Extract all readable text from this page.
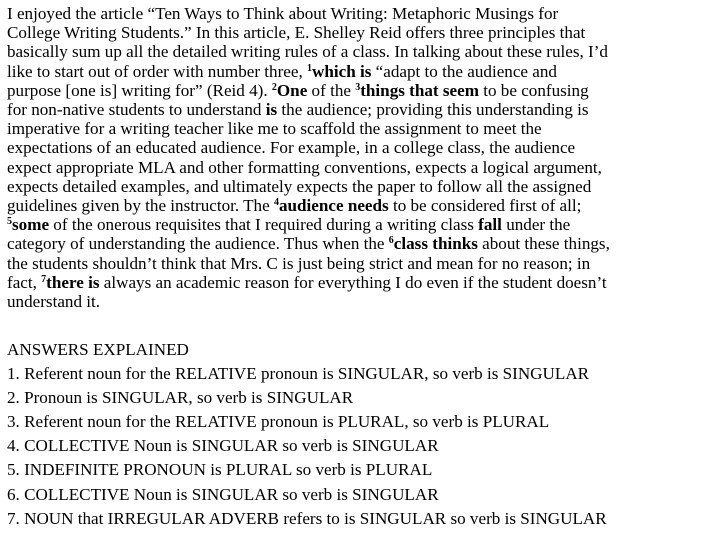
I enjoyed the article “Ten Ways to Think about Writing: Metaphoric Musings for
College Writing Students.” In this article, E. Shelley Reid offers three principles that
basically sum up all the detailed writing rules of a class. In talking about these rules, I’d
like to start out of order with number three, $^1$which is “adapt to the audience and
purpose [one is] writing for” (Reid 4). $^2$One of the $^3$things that seem to be confusing
for non-native students to understand is the audience; providing this understanding is
imperative for a writing teacher like me to scaffold the assignment to meet the
expectations of an educated audience. For example, in a college class, the audience
expect appropriate MLA and other formatting conventions, expects a logical argument,
expects detailed examples, and ultimately expects the paper to follow all the assigned
guidelines given by the instructor. The $^4$audience needs to be considered first of all;
$^5$some of the onerous requisites that I required during a writing class fall under the
category of understanding the audience. Thus when the $^6$class thinks about these things,
the students shouldn’t think that Mrs. C is just being strict and mean for no reason; in
fact, $^7$there is always an academic reason for everything I do even if the student doesn’t
understand it.
ANSWERS EXPLAINED
1. Referent noun for the RELATIVE pronoun is SINGULAR, so verb is SINGULAR
2. Pronoun is SINGULAR, so verb is SINGULAR
3. Referent noun for the RELATIVE pronoun is PLURAL, so verb is PLURAL
4. COLLECTIVE Noun is SINGULAR so verb is SINGULAR
5. INDEFINITE PRONOUN is PLURAL so verb is PLURAL
6. COLLECTIVE Noun is SINGULAR so verb is SINGULAR
7. NOUN that IRREGULAR ADVERB refers to is SINGULAR so verb is SINGULAR
